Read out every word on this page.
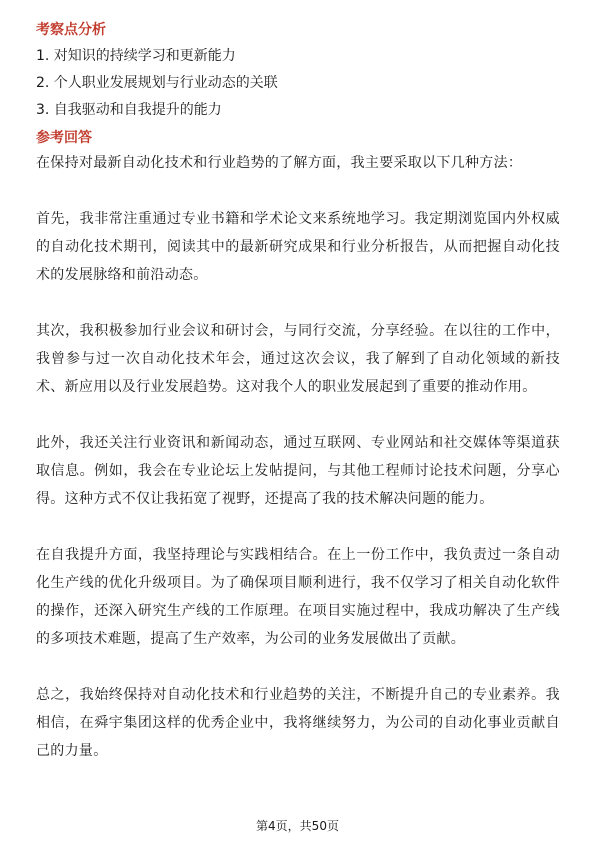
考察点分析

1. 对知识的持续学习和更新能力

2. 个人职业发展规划与行业动态的关联

3. 自我驱动和自我提升的能力

参考回答

在保持对最新自动化技术和行业趋势的了解方面，我主要采取以下几种方法：

首先，我非常注重通过专业书籍和学术论文来系统地学习。我定期浏览国内外权威的自动化技术期刊，阅读其中的最新研究成果和行业分析报告，从而把握自动化技术的发展脉络和前沿动态。

其次，我积极参加行业会议和研讨会，与同行交流，分享经验。在以往的工作中，我曾参与过一次自动化技术年会，通过这次会议，我了解到了自动化领域的新技术、新应用以及行业发展趋势。这对我个人的职业发展起到了重要的推动作用。

此外，我还关注行业资讯和新闻动态，通过互联网、专业网站和社交媒体等渠道获取信息。例如，我会在专业论坛上发帖提问，与其他工程师讨论技术问题，分享心得。这种方式不仅让我拓宽了视野，还提高了我的技术解决问题的能力。

在自我提升方面，我坚持理论与实践相结合。在上一份工作中，我负责过一条自动化生产线的优化升级项目。为了确保项目顺利进行，我不仅学习了相关自动化软件的操作，还深入研究生产线的工作原理。在项目实施过程中，我成功解决了生产线的多项技术难题，提高了生产效率，为公司的业务发展做出了贡献。

总之，我始终保持对自动化技术和行业趋势的关注，不断提升自己的专业素养。我相信，在舜宇集团这样的优秀企业中，我将继续努力，为公司的自动化事业贡献自己的力量。

第4页，共50页
